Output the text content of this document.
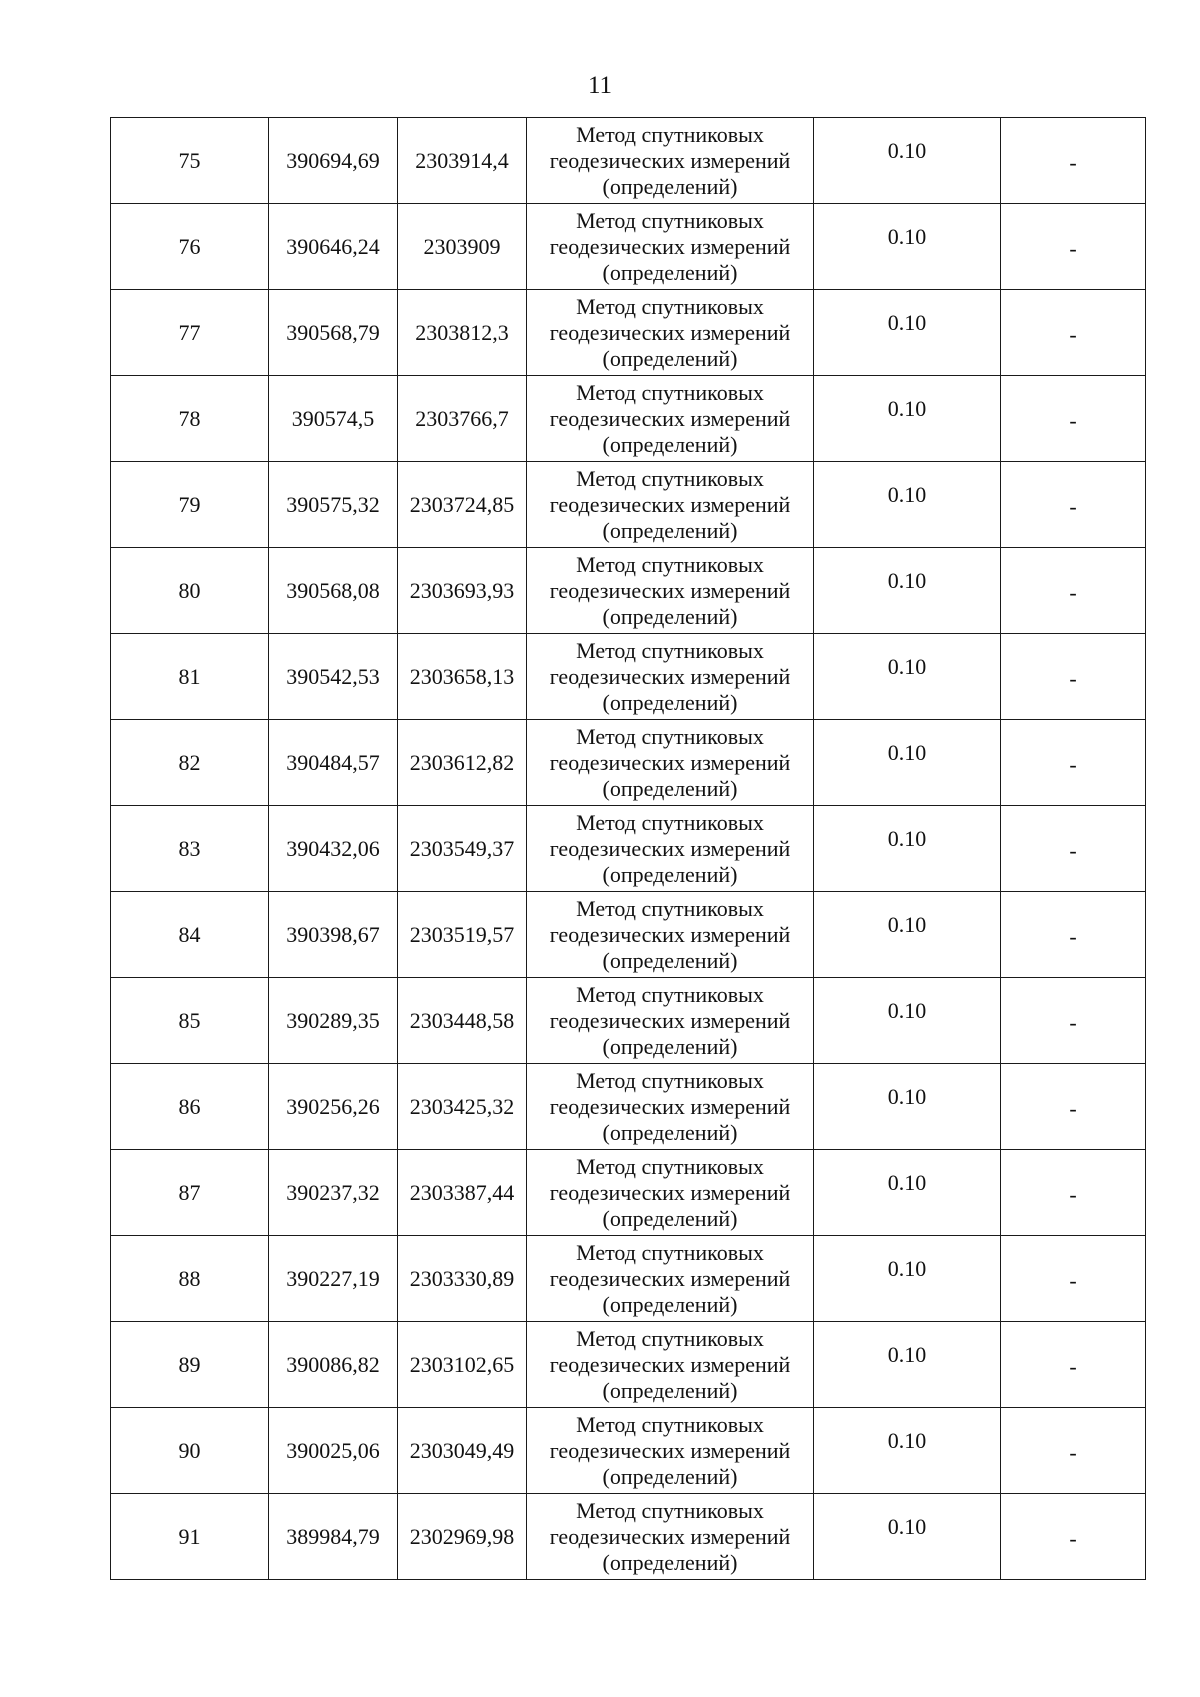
11
75	390694,69	2303914,4	Метод спутниковых
геодезических измерений
(определений)	0.10	-
76	390646,24	2303909	Метод спутниковых
геодезических измерений
(определений)	0.10	-
77	390568,79	2303812,3	Метод спутниковых
геодезических измерений
(определений)	0.10	-
78	390574,5	2303766,7	Метод спутниковых
геодезических измерений
(определений)	0.10	-
79	390575,32	2303724,85	Метод спутниковых
геодезических измерений
(определений)	0.10	-
80	390568,08	2303693,93	Метод спутниковых
геодезических измерений
(определений)	0.10	-
81	390542,53	2303658,13	Метод спутниковых
геодезических измерений
(определений)	0.10	-
82	390484,57	2303612,82	Метод спутниковых
геодезических измерений
(определений)	0.10	-
83	390432,06	2303549,37	Метод спутниковых
геодезических измерений
(определений)	0.10	-
84	390398,67	2303519,57	Метод спутниковых
геодезических измерений
(определений)	0.10	-
85	390289,35	2303448,58	Метод спутниковых
геодезических измерений
(определений)	0.10	-
86	390256,26	2303425,32	Метод спутниковых
геодезических измерений
(определений)	0.10	-
87	390237,32	2303387,44	Метод спутниковых
геодезических измерений
(определений)	0.10	-
88	390227,19	2303330,89	Метод спутниковых
геодезических измерений
(определений)	0.10	-
89	390086,82	2303102,65	Метод спутниковых
геодезических измерений
(определений)	0.10	-
90	390025,06	2303049,49	Метод спутниковых
геодезических измерений
(определений)	0.10	-
91	389984,79	2302969,98	Метод спутниковых
геодезических измерений
(определений)	0.10	-
